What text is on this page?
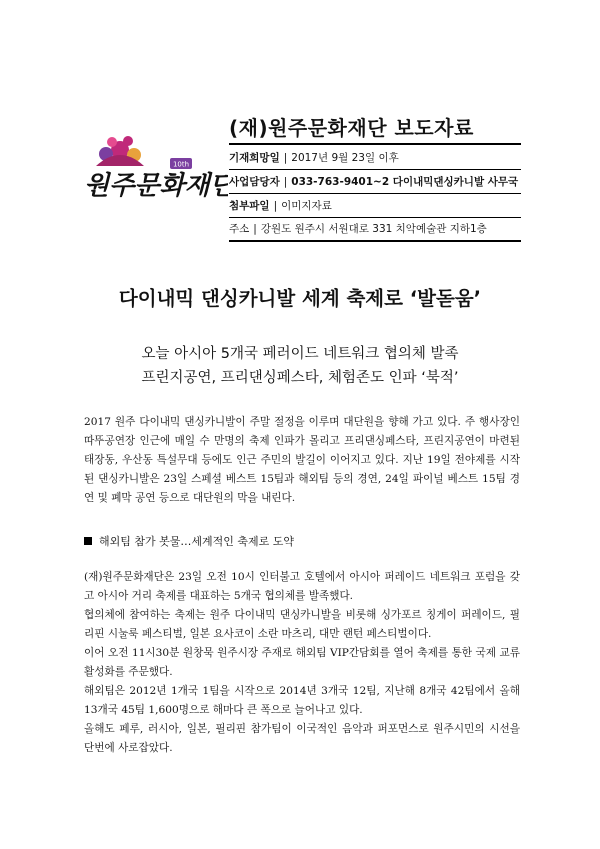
10th
원주문화재단
(재)원주문화재단 보도자료
기재희망일 | 2017년 9월 23일 이후
사업담당자 | 033-763-9401~2 다이내믹댄싱카니발 사무국
첨부파일 | 이미지자료
주소 | 강원도 원주시 서원대로 331 치악예술관 지하1층
다이내믹 댄싱카니발 세계 축제로 ‘발돋움’
오늘 아시아 5개국 페러이드 네트워크 협의체 발족
프린지공연, 프리댄싱페스타, 체험존도 인파 ‘북적’

2017 원주 다이내믹 댄싱카니발이 주말 절정을 이루며 대단원을 향해 가고 있다. 주 행사장인 따뚜공연장 인근에 매일 수 만명의 축제 인파가 몰리고 프리댄싱페스타, 프린지공연이 마련된 태장동, 우산동 특설무대 등에도 인근 주민의 발길이 이어지고 있다. 지난 19일 전야제를 시작된 댄싱카니발은 23일 스페셜 베스트 15팀과 해외팀 등의 경연, 24일 파이널 베스트 15팀 경연 및 폐막 공연 등으로 대단원의 막을 내린다.

해외팀 참가 봇물…세계적인 축제로 도약

(재)원주문화재단은 23일 오전 10시 인터불고 호텔에서 아시아 퍼레이드 네트워크 포럼을 갖고 아시아 거리 축제를 대표하는 5개국 협의체를 발족했다.

협의체에 참여하는 축제는 원주 다이내믹 댄싱카니발을 비롯해 싱가포르 칭게이 퍼레이드, 필리핀 시눌룩 페스티벌, 일본 요사코이 소란 마츠리, 대만 랜턴 페스티벌이다.

이어 오전 11시30분 원창묵 원주시장 주재로 해외팀 VIP간담회를 열어 축제를 통한 국제 교류 활성화를 주문했다.

해외팀은 2012년 1개국 1팀을 시작으로 2014년 3개국 12팀, 지난해 8개국 42팀에서 올해 13개국 45팀 1,600명으로 해마다 큰 폭으로 늘어나고 있다.

올해도 페루, 러시아, 일본, 필리핀 참가팀이 이국적인 음악과 퍼포먼스로 원주시민의 시선을 단번에 사로잡았다.
